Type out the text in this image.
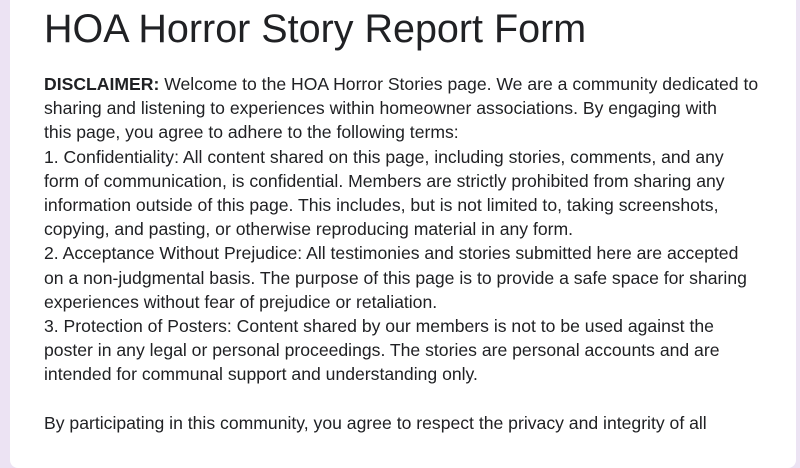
HOA Horror Story Report Form
DISCLAIMER: Welcome to the HOA Horror Stories page. We are a community dedicated to
sharing and listening to experiences within homeowner associations. By engaging with
this page, you agree to adhere to the following terms:
1. Confidentiality: All content shared on this page, including stories, comments, and any
form of communication, is confidential. Members are strictly prohibited from sharing any
information outside of this page. This includes, but is not limited to, taking screenshots,
copying, and pasting, or otherwise reproducing material in any form.
2. Acceptance Without Prejudice: All testimonies and stories submitted here are accepted
on a non-judgmental basis. The purpose of this page is to provide a safe space for sharing
experiences without fear of prejudice or retaliation.
3. Protection of Posters: Content shared by our members is not to be used against the
poster in any legal or personal proceedings. The stories are personal accounts and are
intended for communal support and understanding only.
By participating in this community, you agree to respect the privacy and integrity of all
